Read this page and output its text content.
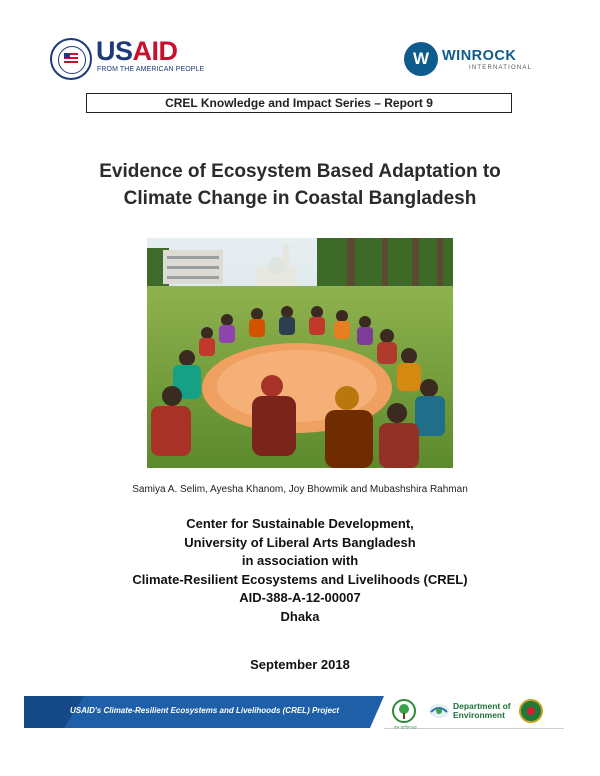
USAID
FROM THE AMERICAN PEOPLE
W WINROCK
INTERNATIONAL
CREL Knowledge and Impact Series – Report 9
Evidence of Ecosystem Based Adaptation to
Climate Change in Coastal Bangladesh
Samiya A. Selim, Ayesha Khanom, Joy Bhowmik and Mubashshira Rahman
Center for Sustainable Development,
University of Liberal Arts Bangladesh
in association with
Climate-Resilient Ecosystems and Livelihoods (CREL)
AID-388-A-12-00007
Dhaka
September 2018
USAID's Climate-Resilient Ecosystems and Livelihoods (CREL) Project
বন অধিদপ্তর
Department of
Environment
